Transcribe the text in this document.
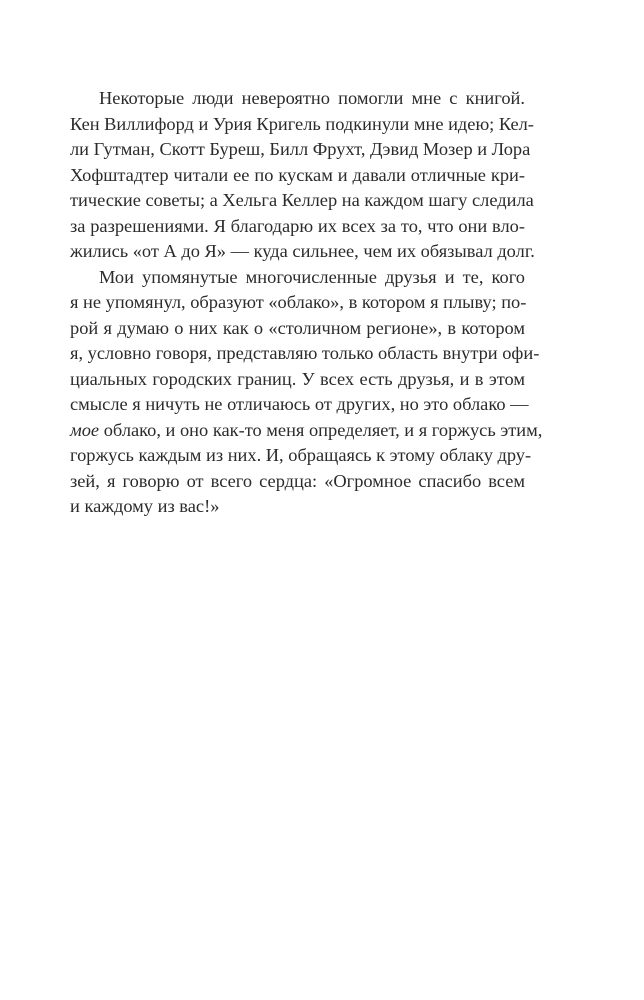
Некоторые люди невероятно помогли мне с книгой.
Кен Виллифорд и Урия Кригель подкинули мне идею; Кел-
ли Гутман, Скотт Буреш, Билл Фрухт, Дэвид Мозер и Лора
Хофштадтер читали ее по кускам и давали отличные кри-
тические советы; а Хельга Келлер на каждом шагу следила
за разрешениями. Я благодарю их всех за то, что они вло-
жились «от А до Я» — куда сильнее, чем их обязывал долг.
Мои упомянутые многочисленные друзья и те, кого
я не упомянул, образуют «облако», в котором я плыву; по-
рой я думаю о них как о «столичном регионе», в котором
я, условно говоря, представляю только область внутри офи-
циальных городских границ. У всех есть друзья, и в этом
смысле я ничуть не отличаюсь от других, но это облако —
мое облако, и оно как-то меня определяет, и я горжусь этим,
горжусь каждым из них. И, обращаясь к этому облаку дру-
зей, я говорю от всего сердца: «Огромное спасибо всем
и каждому из вас!»
